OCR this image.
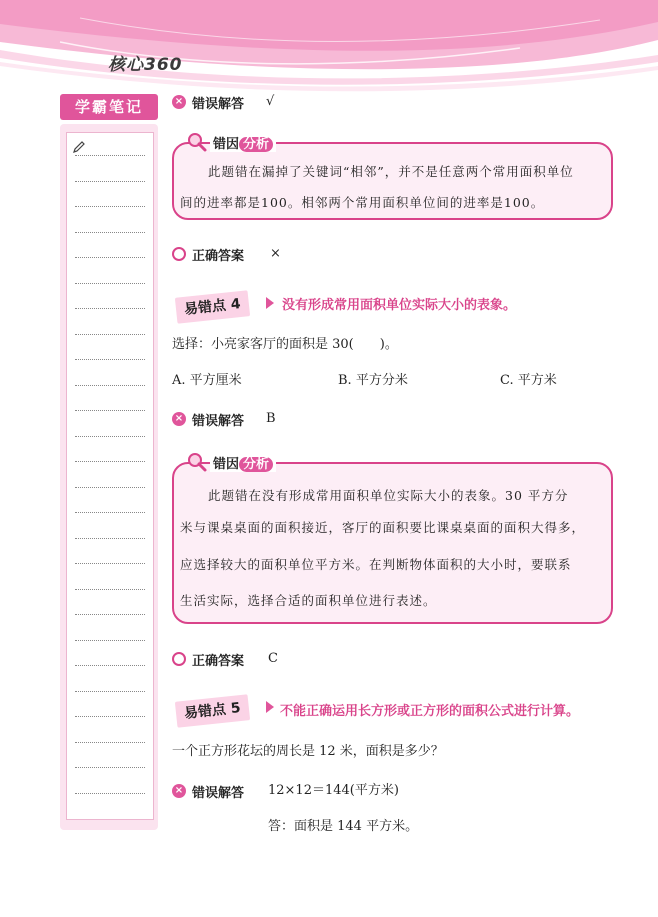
核心360
学霸笔记	× 错误解答 √
错因 分析
此题错在漏掉了关键词“相邻”，并不是任意两个常用面积单位
间的进率都是100。相邻两个常用面积单位间的进率是100。
正确答案 ×
易错点 4	没有形成常用面积单位实际大小的表象。
选择：小亮家客厅的面积是 30(　　)。
A. 平方厘米	B. 平方分米	C. 平方米
× 错误解答 B
错因 分析
此题错在没有形成常用面积单位实际大小的表象。30 平方分
米与课桌桌面的面积接近，客厅的面积要比课桌桌面的面积大得多，
应选择较大的面积单位平方米。在判断物体面积的大小时，要联系
生活实际，选择合适的面积单位进行表述。
正确答案 C
易错点 5	不能正确运用长方形或正方形的面积公式进行计算。
一个正方形花坛的周长是 12 米，面积是多少？
× 错误解答 12×12＝144(平方米)
答：面积是 144 平方米。
